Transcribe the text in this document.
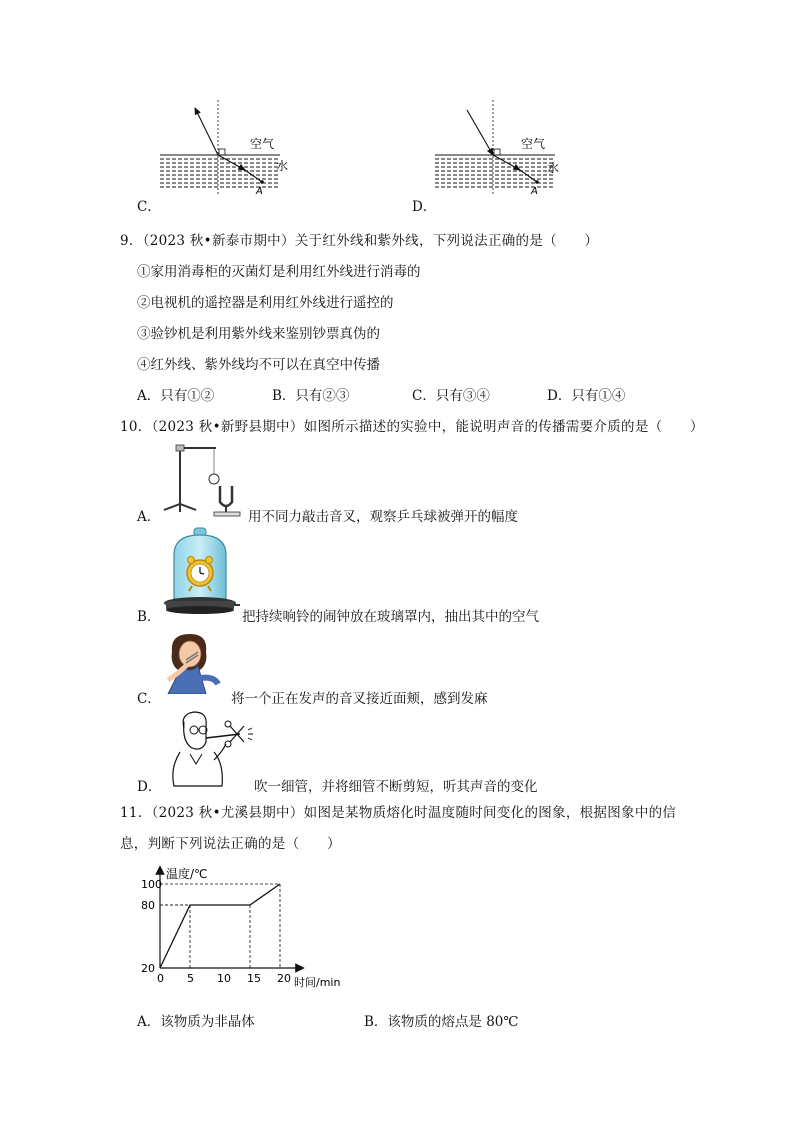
空气
水
A
C．
空气
水
A
D．
9．（2023 秋•新泰市期中）关于红外线和紫外线，下列说法正确的是（　　）
①家用消毒柜的灭菌灯是利用红外线进行消毒的
②电视机的遥控器是利用红外线进行遥控的
③验钞机是利用紫外线来鉴别钞票真伪的
④红外线、紫外线均不可以在真空中传播
A．只有①②	B．只有②③	C．只有③④	D．只有①④
10．（2023 秋•新野县期中）如图所示描述的实验中，能说明声音的传播需要介质的是（　　）
A．	用不同力敲击音叉，观察乒乓球被弹开的幅度
B．	把持续响铃的闹钟放在玻璃罩内，抽出其中的空气
C．	将一个正在发声的音叉接近面颊，感到发麻
D．	吹一细管，并将细管不断剪短，听其声音的变化
11．（2023 秋•尤溪县期中）如图是某物质熔化时温度随时间变化的图象，根据图象中的信
息，判断下列说法正确的是（　　）
温度/℃
时间/min
0 5 10 15 20
20
80
100
A．该物质为非晶体	B．该物质的熔点是 80℃
